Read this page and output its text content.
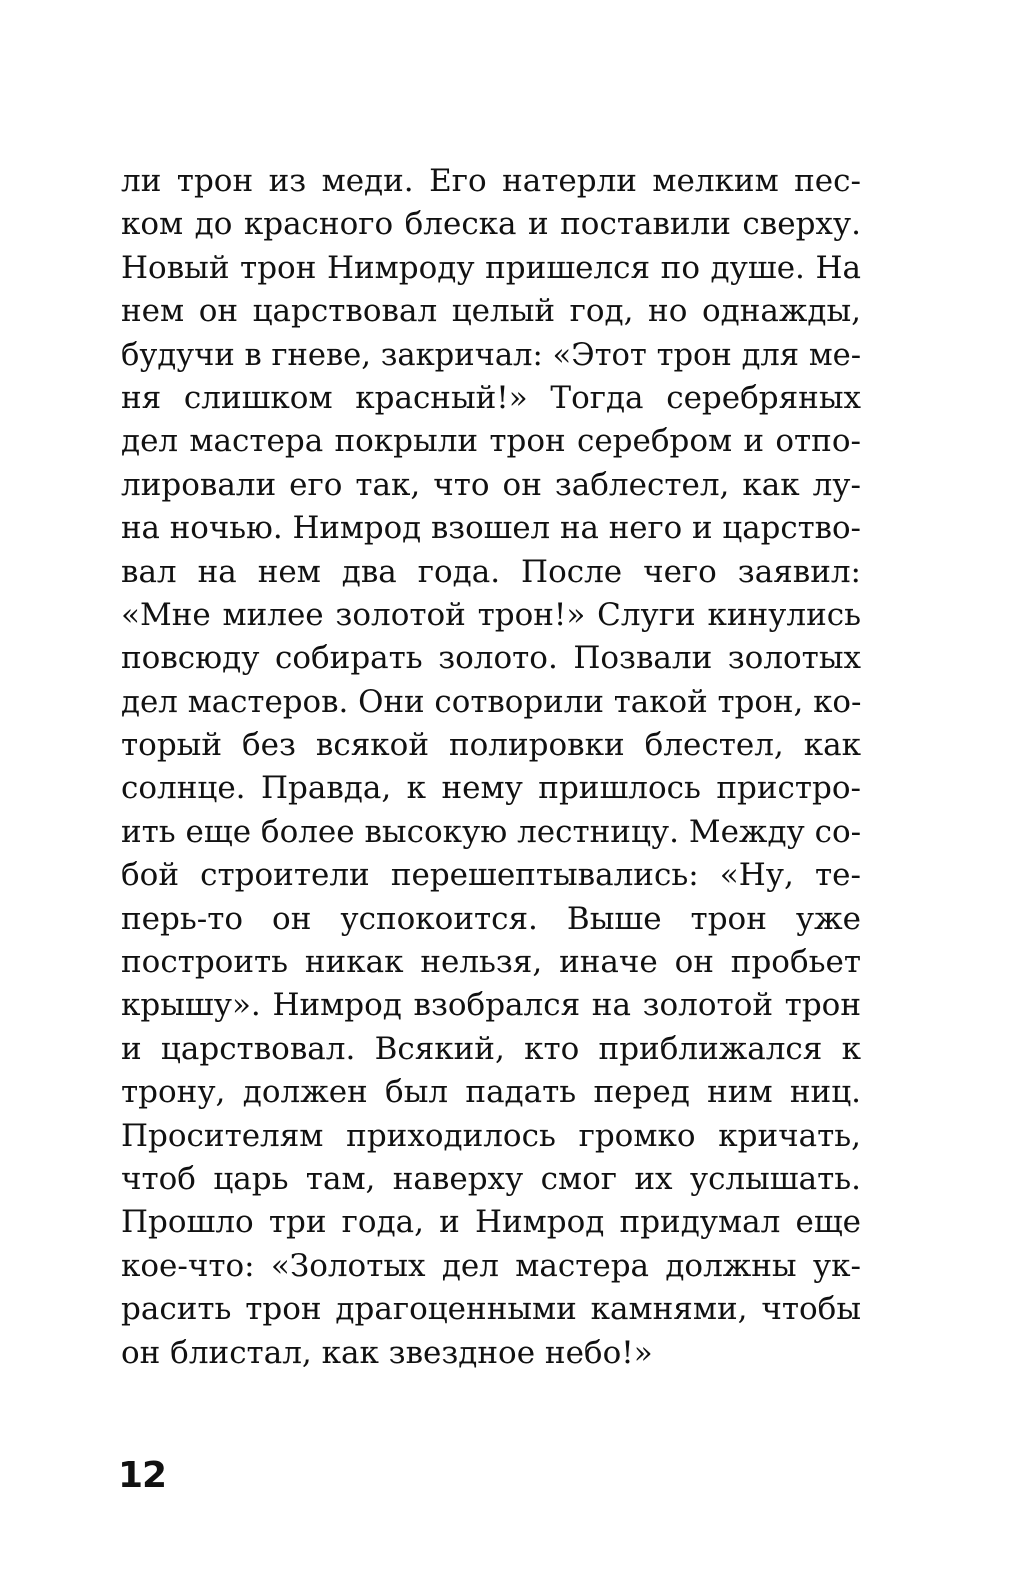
ли трон из меди. Его натерли мелким пес-
ком до красного блеска и поставили сверху.
Новый трон Нимроду пришелся по душе. На
нем он царствовал целый год, но однажды,
будучи в гневе, закричал: «Этот трон для ме-
ня слишком красный!» Тогда серебряных
дел мастера покрыли трон серебром и отпо-
лировали его так, что он заблестел, как лу-
на ночью. Нимрод взошел на него и царство-
вал на нем два года. После чего заявил:
«Мне милее золотой трон!» Слуги кинулись
повсюду собирать золото. Позвали золотых
дел мастеров. Они сотворили такой трон, ко-
торый без всякой полировки блестел, как
солнце. Правда, к нему пришлось пристро-
ить еще более высокую лестницу. Между со-
бой строители перешептывались: «Ну, те-
перь-то он успокоится. Выше трон уже
построить никак нельзя, иначе он пробьет
крышу». Нимрод взобрался на золотой трон
и царствовал. Всякий, кто приближался к
трону, должен был падать перед ним ниц.
Просителям приходилось громко кричать,
чтоб царь там, наверху смог их услышать.
Прошло три года, и Нимрод придумал еще
кое-что: «Золотых дел мастера должны ук-
расить трон драгоценными камнями, чтобы
он блистал, как звездное небо!»
12
